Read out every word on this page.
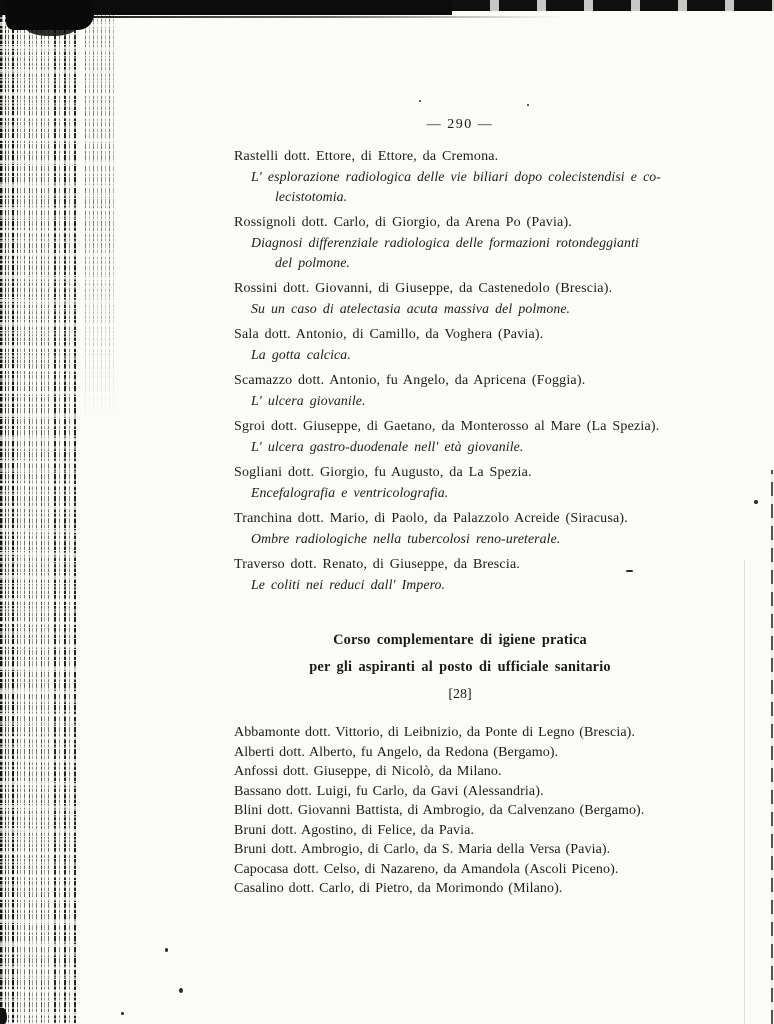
— 290 —
Rastelli dott. Ettore, di Ettore, da Cremona.
L' esplorazione radiologica delle vie biliari dopo colecistendisi e co-
lecistotomia.
Rossignoli dott. Carlo, di Giorgio, da Arena Po (Pavia).
Diagnosi differenziale radiologica delle formazioni rotondeggianti
del polmone.
Rossini dott. Giovanni, di Giuseppe, da Castenedolo (Brescia).
Su un caso di atelectasia acuta massiva del polmone.
Sala dott. Antonio, di Camillo, da Voghera (Pavia).
La gotta calcica.
Scamazzo dott. Antonio, fu Angelo, da Apricena (Foggia).
L' ulcera giovanile.
Sgroi dott. Giuseppe, di Gaetano, da Monterosso al Mare (La Spezia).
L' ulcera gastro-duodenale nell' età giovanile.
Sogliani dott. Giorgio, fu Augusto, da La Spezia.
Encefalografia e ventricolografia.
Tranchina dott. Mario, di Paolo, da Palazzolo Acreide (Siracusa).
Ombre radiologiche nella tubercolosi reno-ureterale.
Traverso dott. Renato, di Giuseppe, da Brescia.
Le coliti nei reduci dall' Impero.
Corso complementare di igiene pratica
per gli aspiranti al posto di ufficiale sanitario
[28]
Abbamonte dott. Vittorio, di Leibnizio, da Ponte di Legno (Brescia).
Alberti dott. Alberto, fu Angelo, da Redona (Bergamo).
Anfossi dott. Giuseppe, di Nicolò, da Milano.
Bassano dott. Luigi, fu Carlo, da Gavi (Alessandria).
Blini dott. Giovanni Battista, di Ambrogio, da Calvenzano (Bergamo).
Bruni dott. Agostino, di Felice, da Pavia.
Bruni dott. Ambrogio, di Carlo, da S. Maria della Versa (Pavia).
Capocasa dott. Celso, di Nazareno, da Amandola (Ascoli Piceno).
Casalino dott. Carlo, di Pietro, da Morimondo (Milano).
